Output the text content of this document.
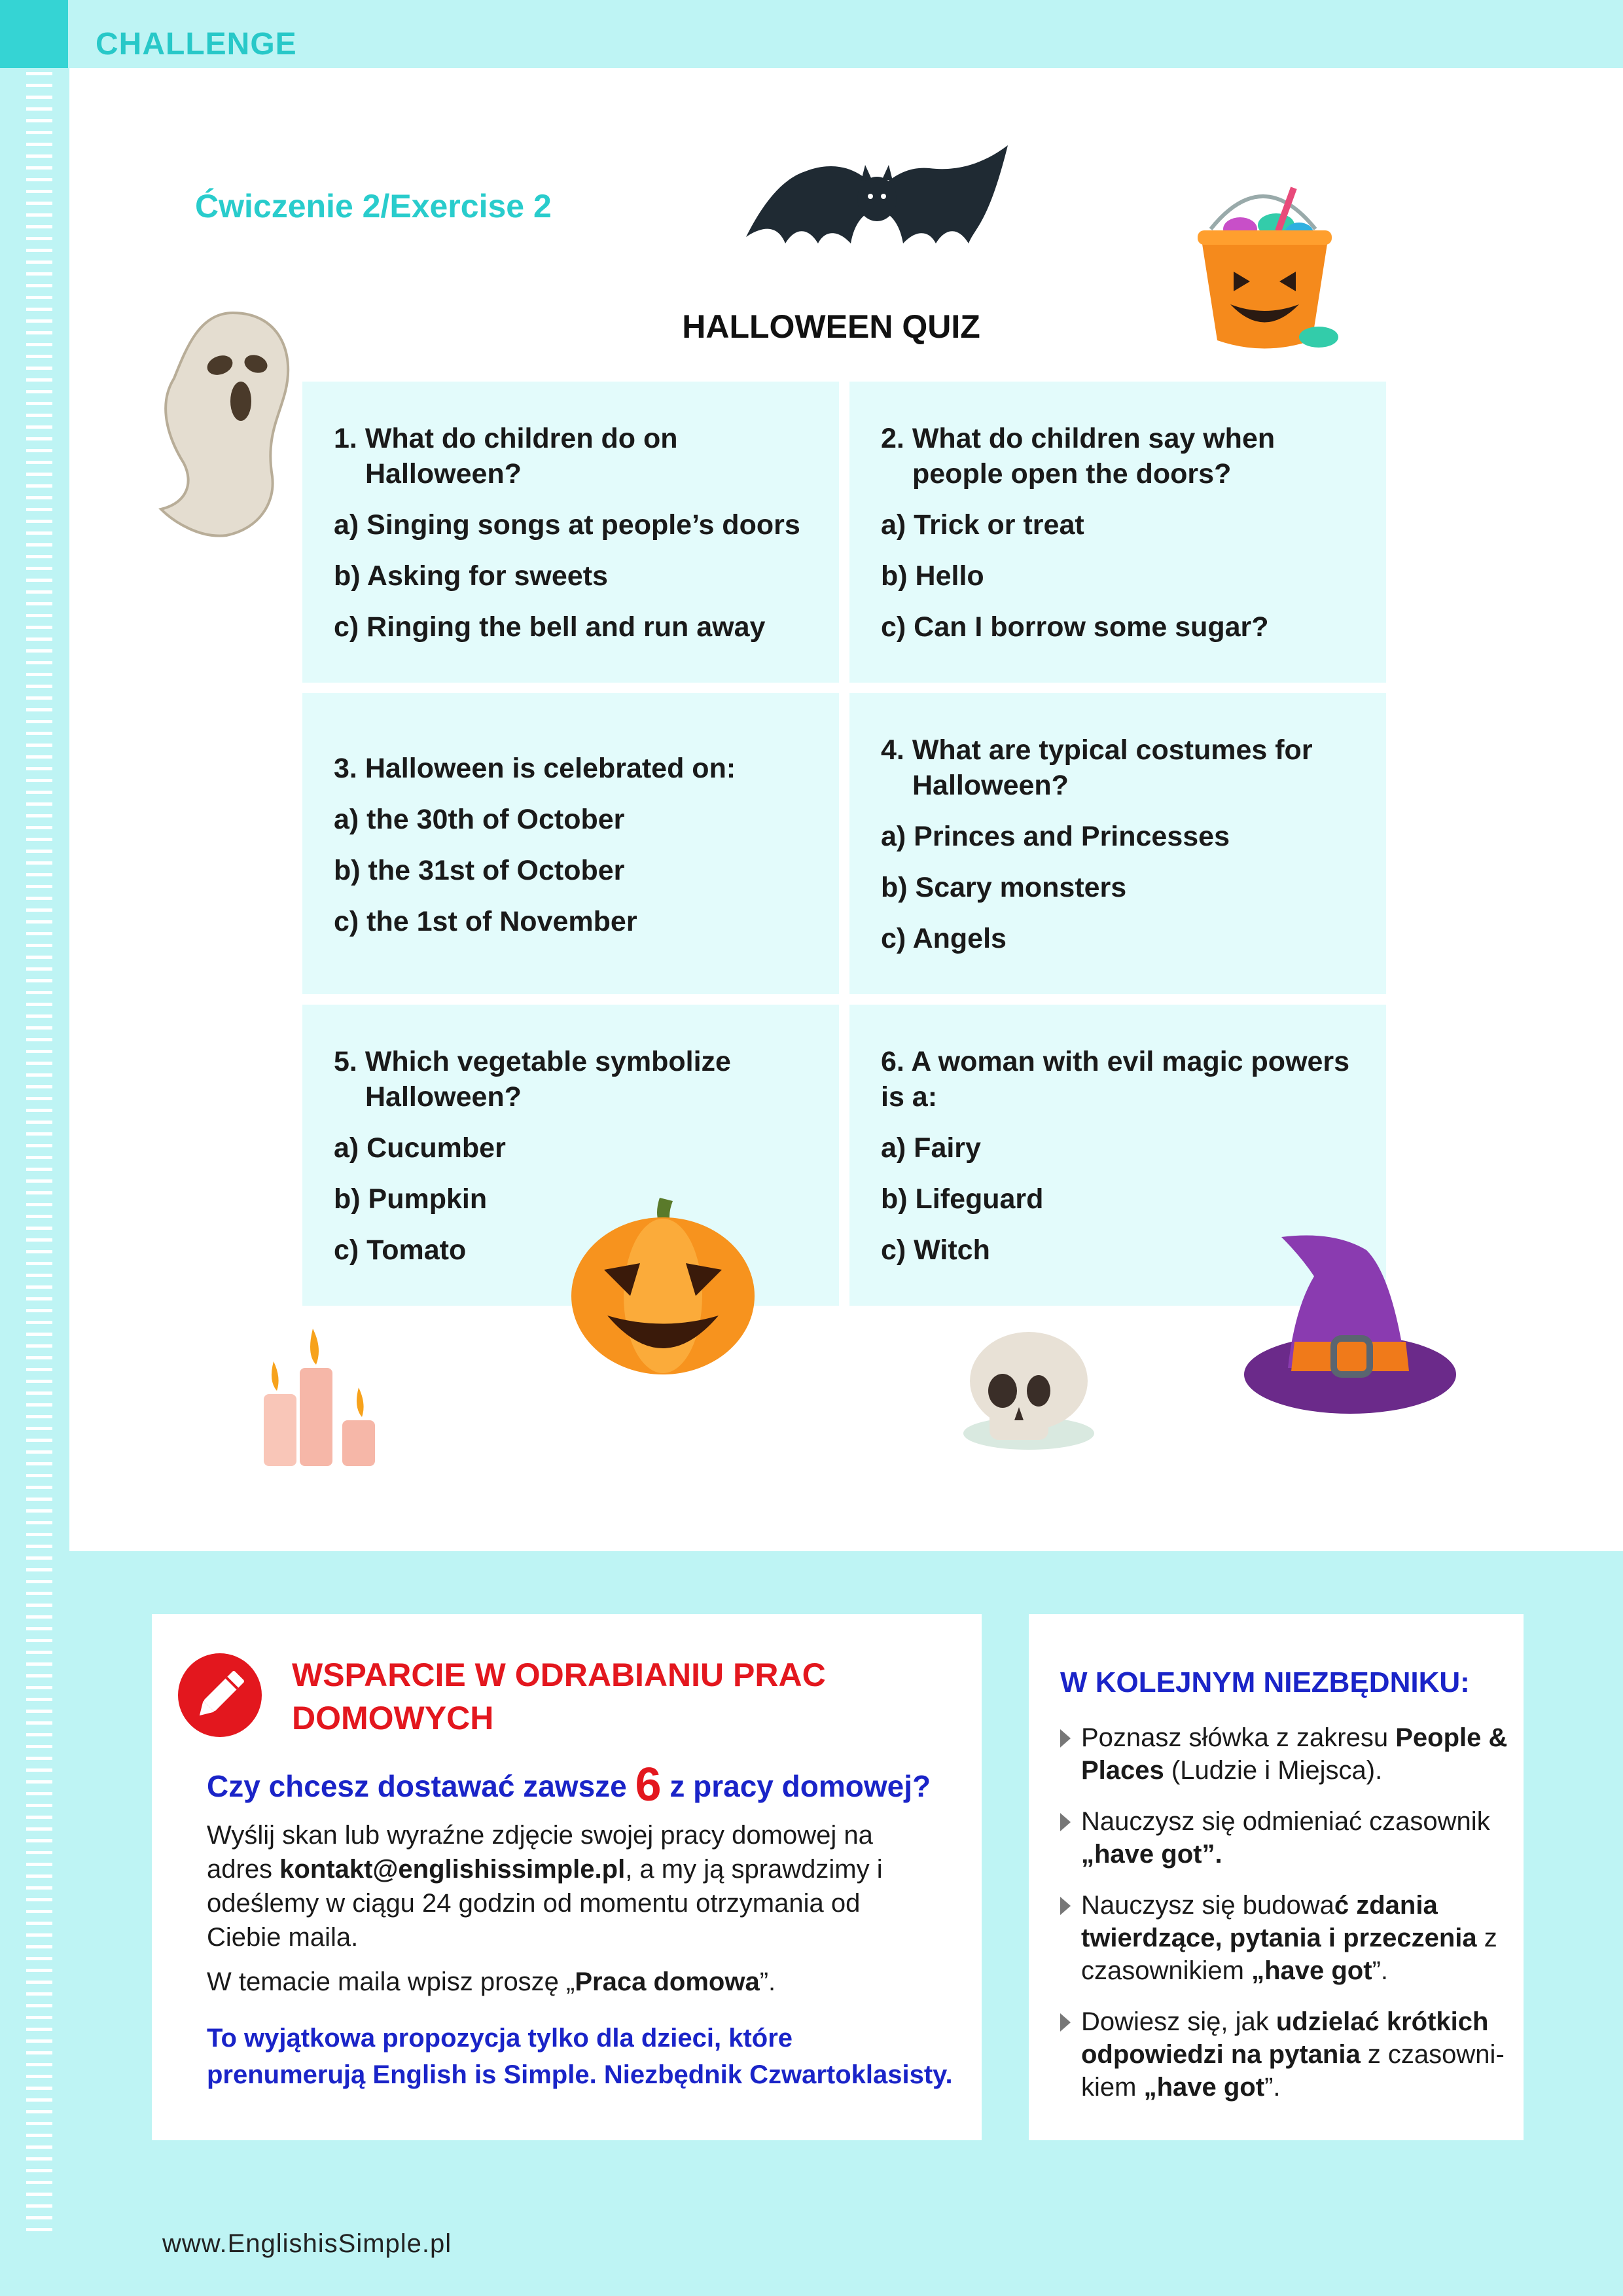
CHALLENGE
Ćwiczenie 2/Exercise 2
HALLOWEEN QUIZ
1. What do children do on
Halloween?
a) Singing songs at people’s doors
b) Asking for sweets
c) Ringing the bell and run away
2. What do children say when
people open the doors?
a) Trick or treat
b) Hello
c) Can I borrow some sugar?
3. Halloween is celebrated on:
a) the 30th of October
b) the 31st of October
c) the 1st of November
4. What are typical costumes for
Halloween?
a) Princes and Princesses
b) Scary monsters
c) Angels
5. Which vegetable symbolize
Halloween?
a) Cucumber
b) Pumpkin
c) Tomato
6. A woman with evil magic powers
is a:
a) Fairy
b) Lifeguard
c) Witch
WSPARCIE W ODRABIANIU PRAC DOMOWYCH
Czy chcesz dostawać zawsze 6 z pracy domowej?
Wyślij skan lub wyraźne zdjęcie swojej pracy domowej na adres kontakt@englishissimple.pl, a my ją sprawdzimy i odeślemy w ciągu 24 godzin od momentu otrzymania od Ciebie maila.
W temacie maila wpisz proszę „Praca domowa”.
To wyjątkowa propozycja tylko dla dzieci, które prenumerują English is Simple. Niezbędnik Czwartoklasisty.
W KOLEJNYM NIEZBĘDNIKU:
Poznasz słówka z zakresu People & Places (Ludzie i Miejsca).
Nauczysz się odmieniać czasownik „have got”.
Nauczysz się budować zdania twierdzące, pytania i przeczenia z czasownikiem „have got”.
Dowiesz się, jak udzielać krótkich odpowiedzi na pytania z czasowni-kiem „have got”.
www.EnglishisSimple.pl
